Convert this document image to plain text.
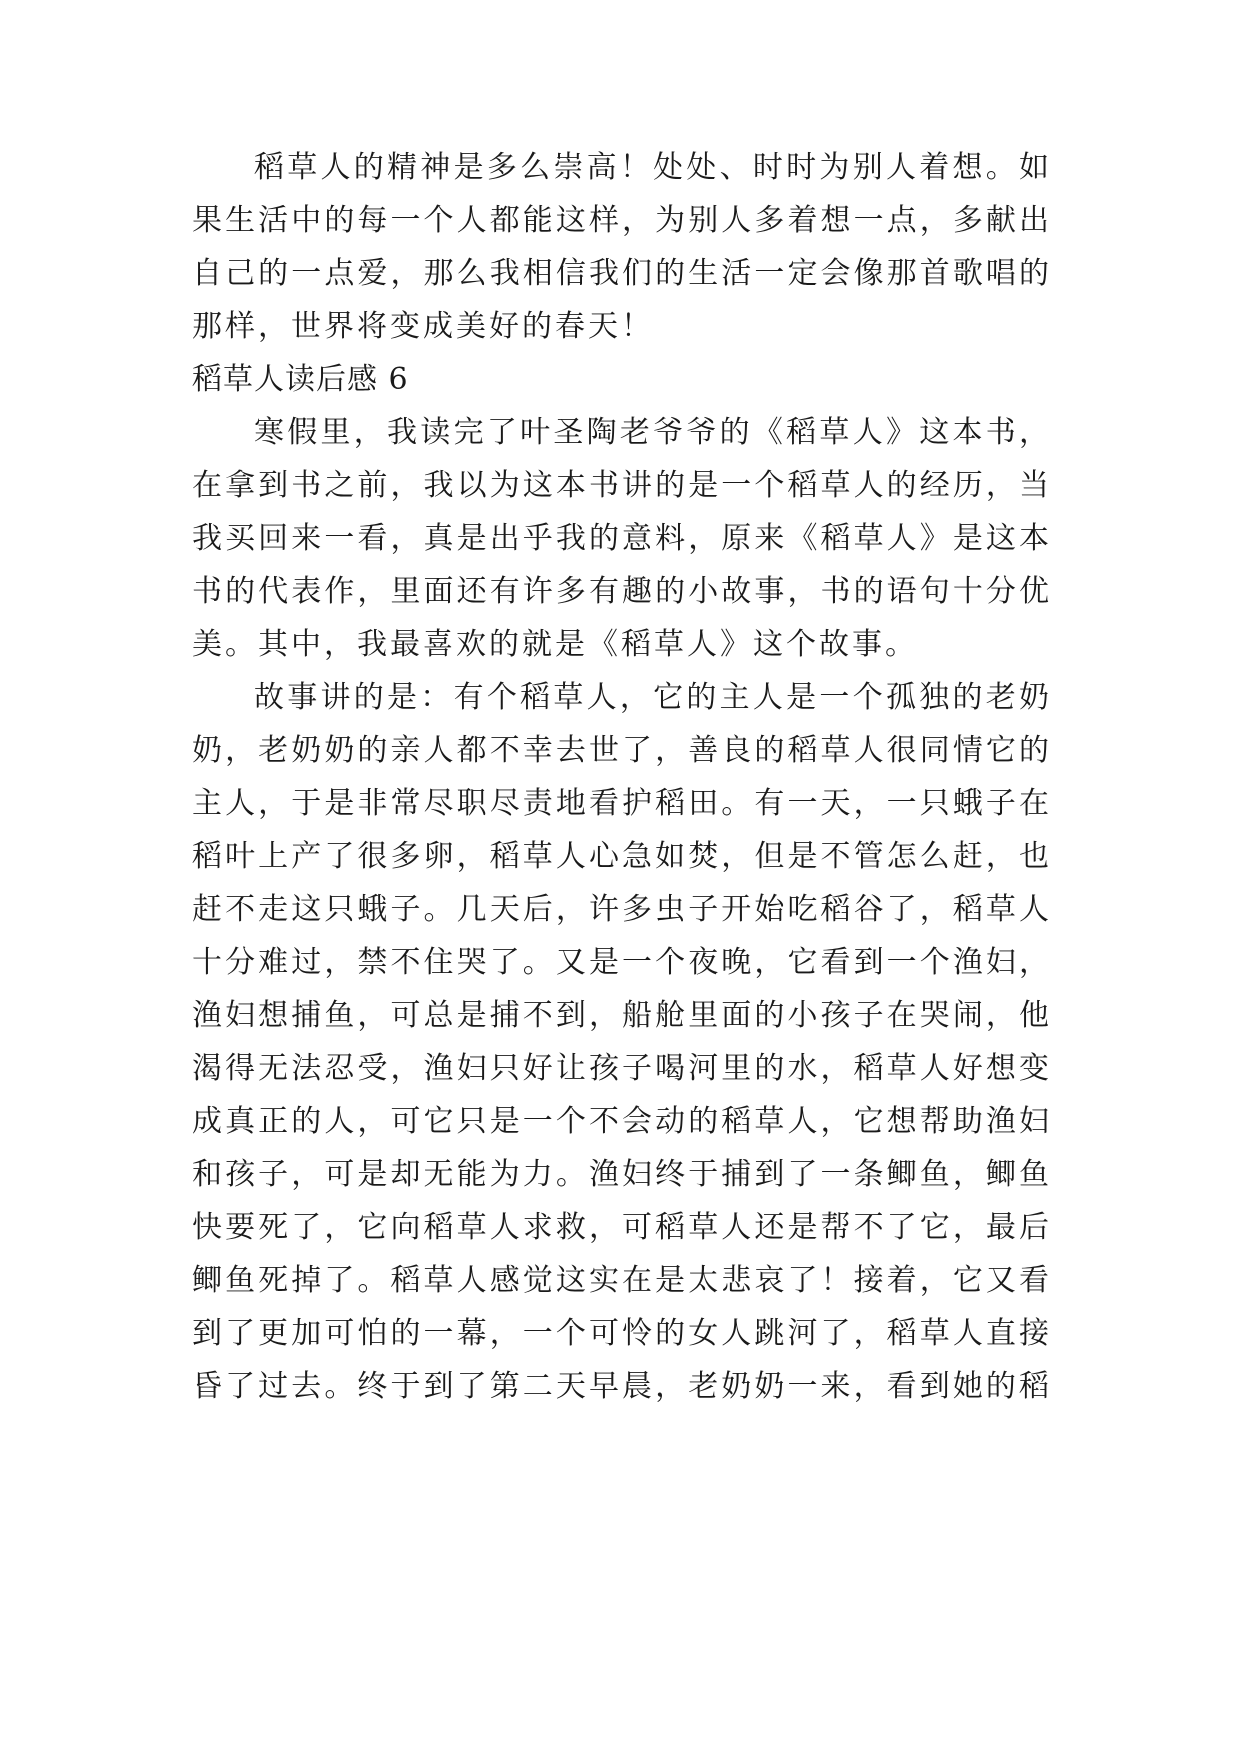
稻草人的精神是多么崇高！处处、时时为别人着想。如
果生活中的每一个人都能这样，为别人多着想一点，多献出
自己的一点爱，那么我相信我们的生活一定会像那首歌唱的
那样，世界将变成美好的春天！
稻草人读后感 6
寒假里，我读完了叶圣陶老爷爷的《稻草人》这本书，
在拿到书之前，我以为这本书讲的是一个稻草人的经历，当
我买回来一看，真是出乎我的意料，原来《稻草人》是这本
书的代表作，里面还有许多有趣的小故事，书的语句十分优
美。其中，我最喜欢的就是《稻草人》这个故事。
故事讲的是：有个稻草人，它的主人是一个孤独的老奶
奶，老奶奶的亲人都不幸去世了，善良的稻草人很同情它的
主人，于是非常尽职尽责地看护稻田。有一天，一只蛾子在
稻叶上产了很多卵，稻草人心急如焚，但是不管怎么赶，也
赶不走这只蛾子。几天后，许多虫子开始吃稻谷了，稻草人
十分难过，禁不住哭了。又是一个夜晚，它看到一个渔妇，
渔妇想捕鱼，可总是捕不到，船舱里面的小孩子在哭闹，他
渴得无法忍受，渔妇只好让孩子喝河里的水，稻草人好想变
成真正的人，可它只是一个不会动的稻草人，它想帮助渔妇
和孩子，可是却无能为力。渔妇终于捕到了一条鲫鱼，鲫鱼
快要死了，它向稻草人求救，可稻草人还是帮不了它，最后
鲫鱼死掉了。稻草人感觉这实在是太悲哀了！接着，它又看
到了更加可怕的一幕，一个可怜的女人跳河了，稻草人直接
昏了过去。终于到了第二天早晨，老奶奶一来，看到她的稻
